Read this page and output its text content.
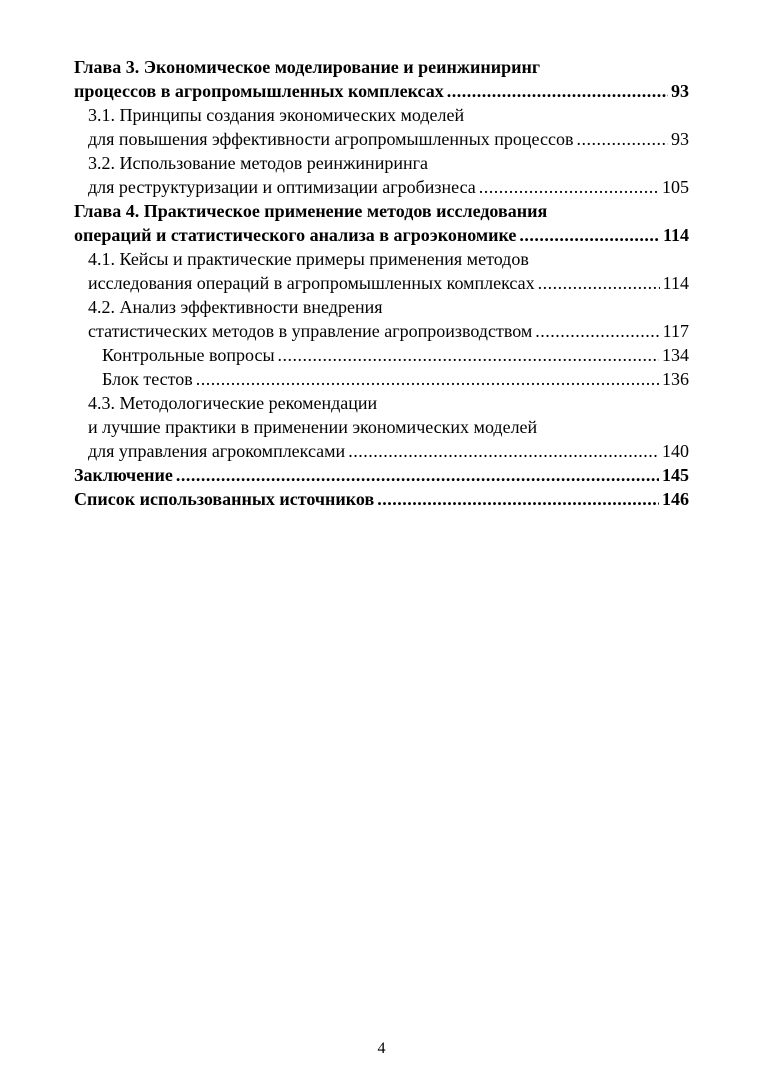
Глава 3. Экономическое моделирование и реинжиниринг
процессов в агропромышленных комплексах .....	93
3.1. Принципы создания экономических моделей
для повышения эффективности агропромышленных процессов .....	93
3.2. Использование методов реинжиниринга
для реструктуризации и оптимизации агробизнеса .....	105
Глава 4. Практическое применение методов исследования
операций и статистического анализа в агроэкономике .....	114
4.1. Кейсы и практические примеры применения методов
исследования операций в агропромышленных комплексах .....	114
4.2. Анализ эффективности внедрения
статистических методов в управление агропроизводством .....	117
Контрольные вопросы .....	134
Блок тестов .....	136
4.3. Методологические рекомендации
и лучшие практики в применении экономических моделей
для управления агрокомплексами .....	140
Заключение .....	145
Список использованных источников .....	146
4
